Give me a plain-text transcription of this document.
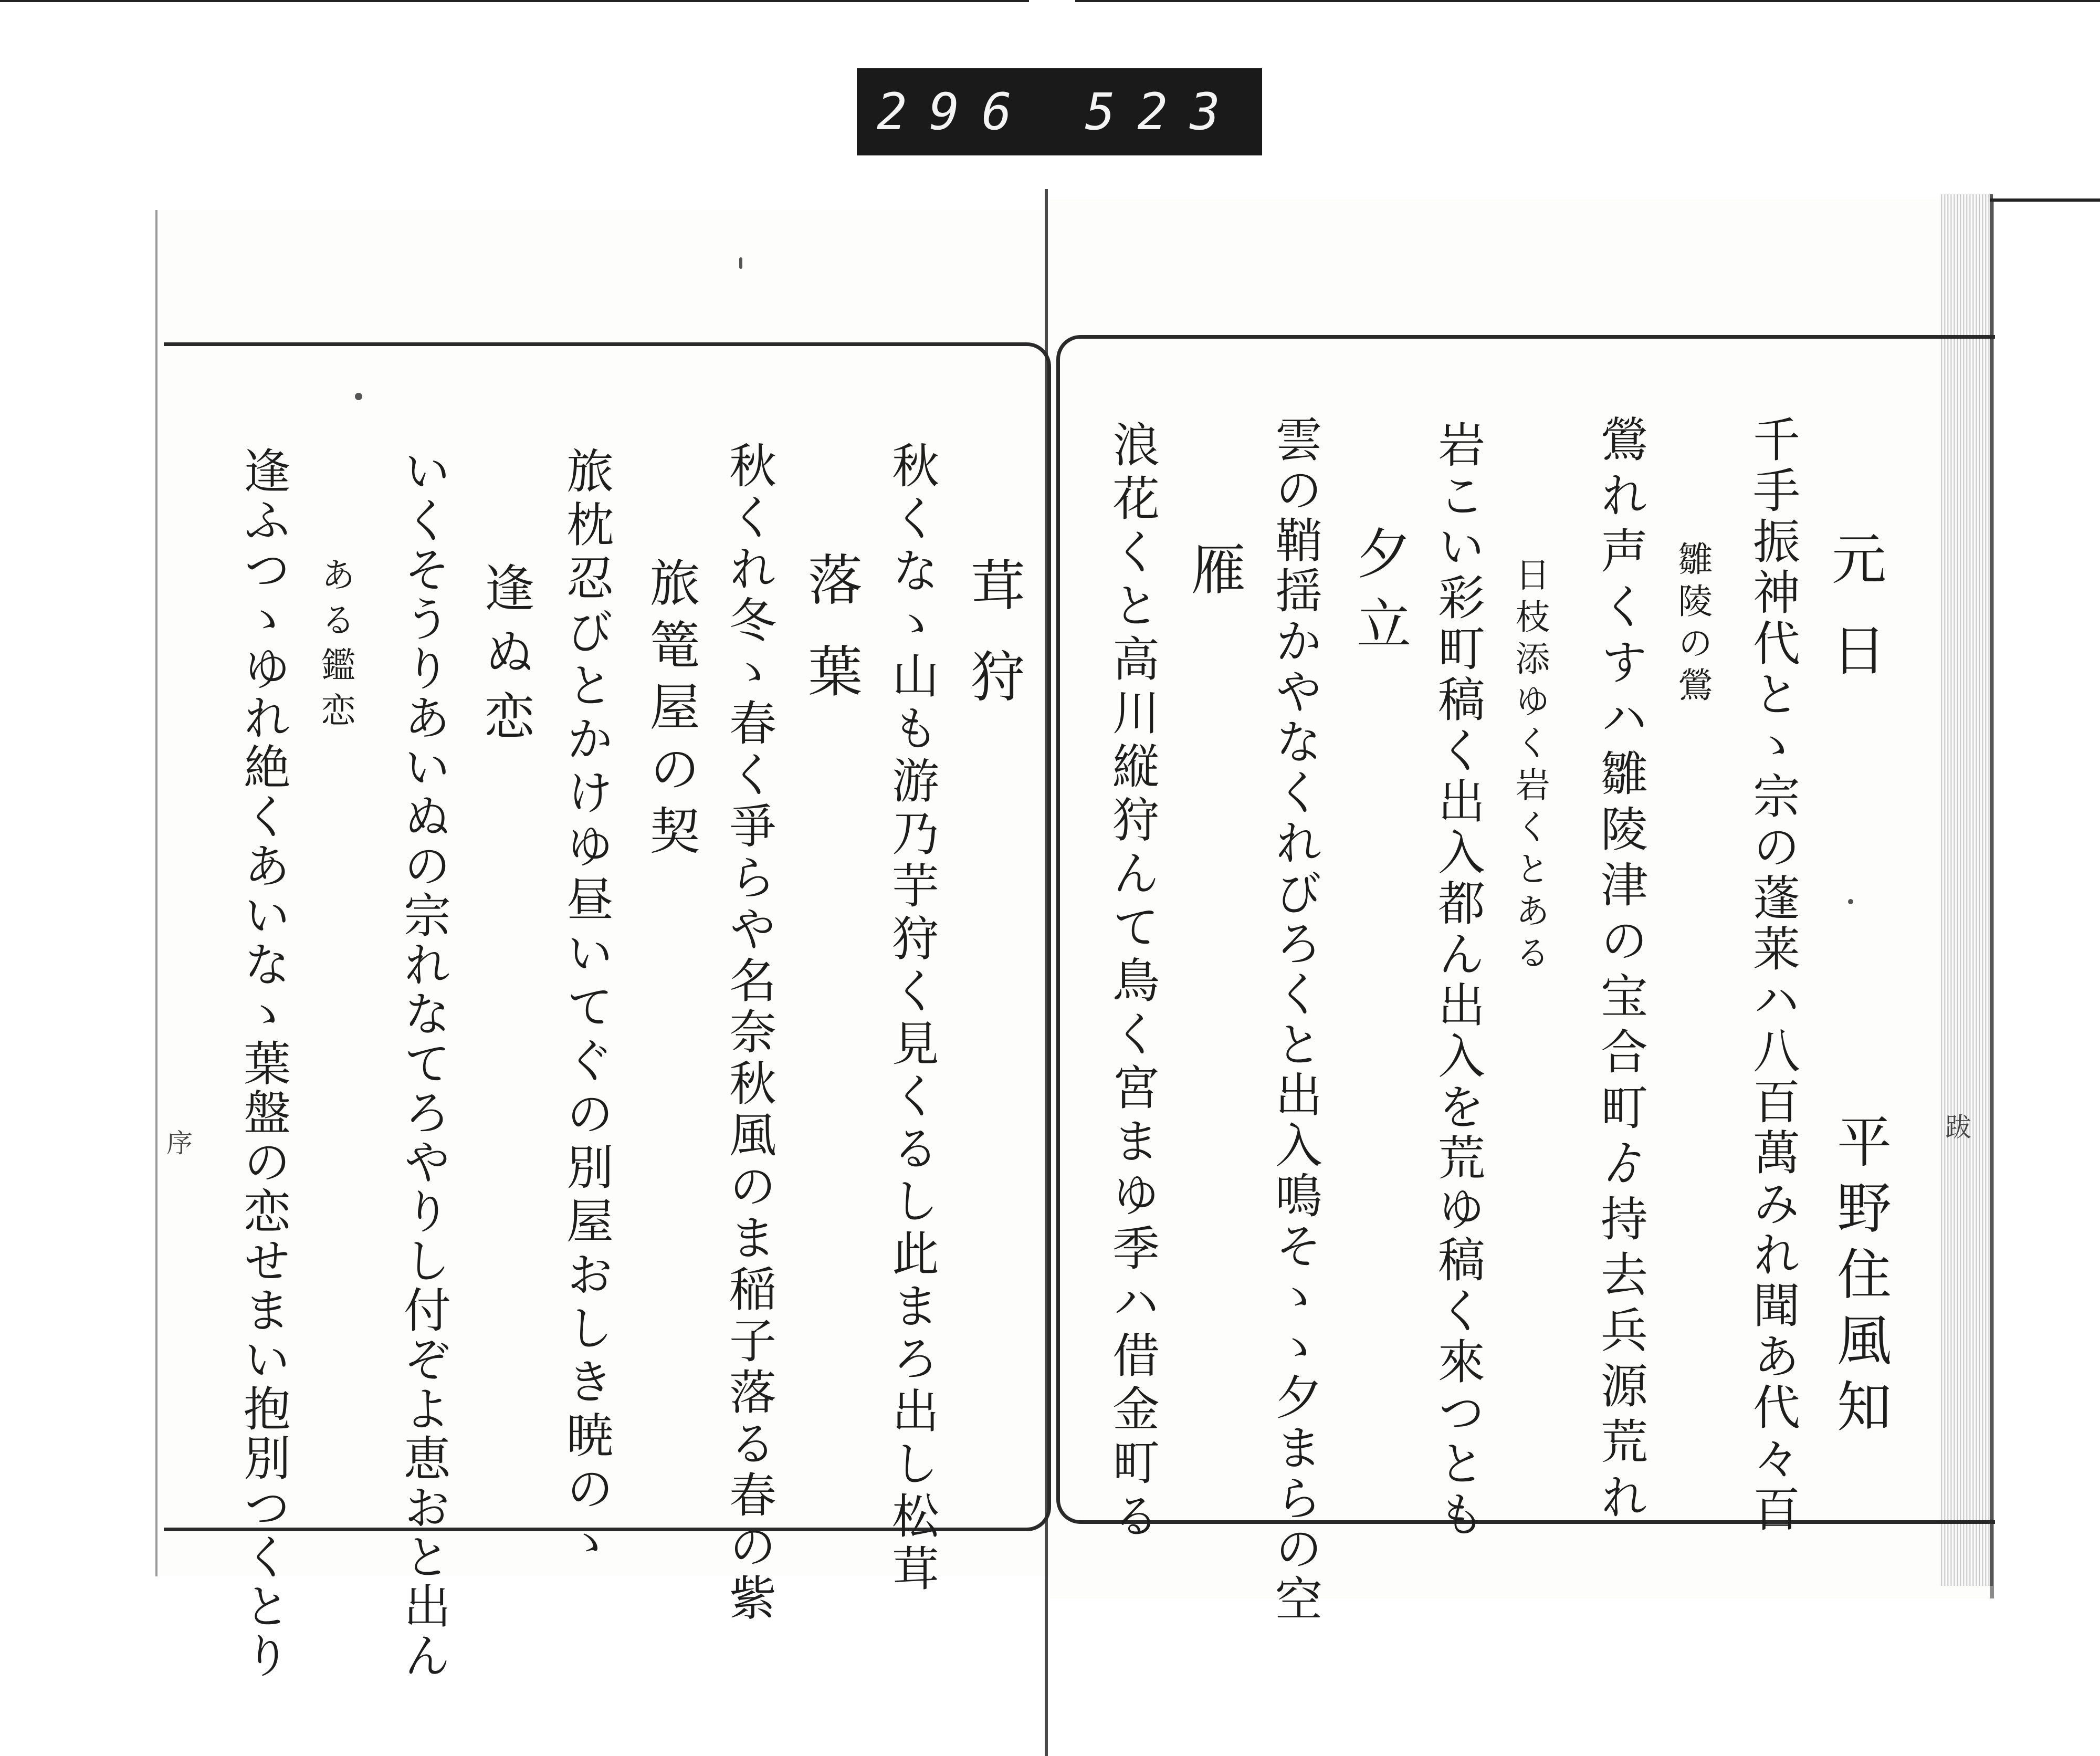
296 523
元日
平野住風知
千手振神代とゝ宗の蓬莱ハ八百萬みれ聞あ代々百
雛陵の鶯
鶯れ声くすハ雛陵津の宝合町ゟ持去兵源荒れ
日枝添ゆく岩くとある
岩こい彩町稿く出入都ん出入を荒ゆ稿く來つとも
夕立
雲の鞘揺かやなくれびろくと出入鳴そゝゝ夕まらの空
雁
浪花くと高川縦狩んて鳥く宮まゆ季ハ借金町る
茸狩
秋くなゝ山も游乃芋狩く見くるし此まろ出し松茸
落葉
秋くれ冬ゝ春く爭らや名奈秋風のま稲子落る春の紫
旅篭屋の契
旅枕忍びとかけゆ昼いてぐの別屋おしき暁のゝ
逢ぬ恋
いくそうりあいぬの宗れなてろやりし付ぞよ恵おと出ん
ある鑑恋
逢ふつゝゆれ絶くあいなゝ葉盤の恋せまい抱別つくとり
序
跋
